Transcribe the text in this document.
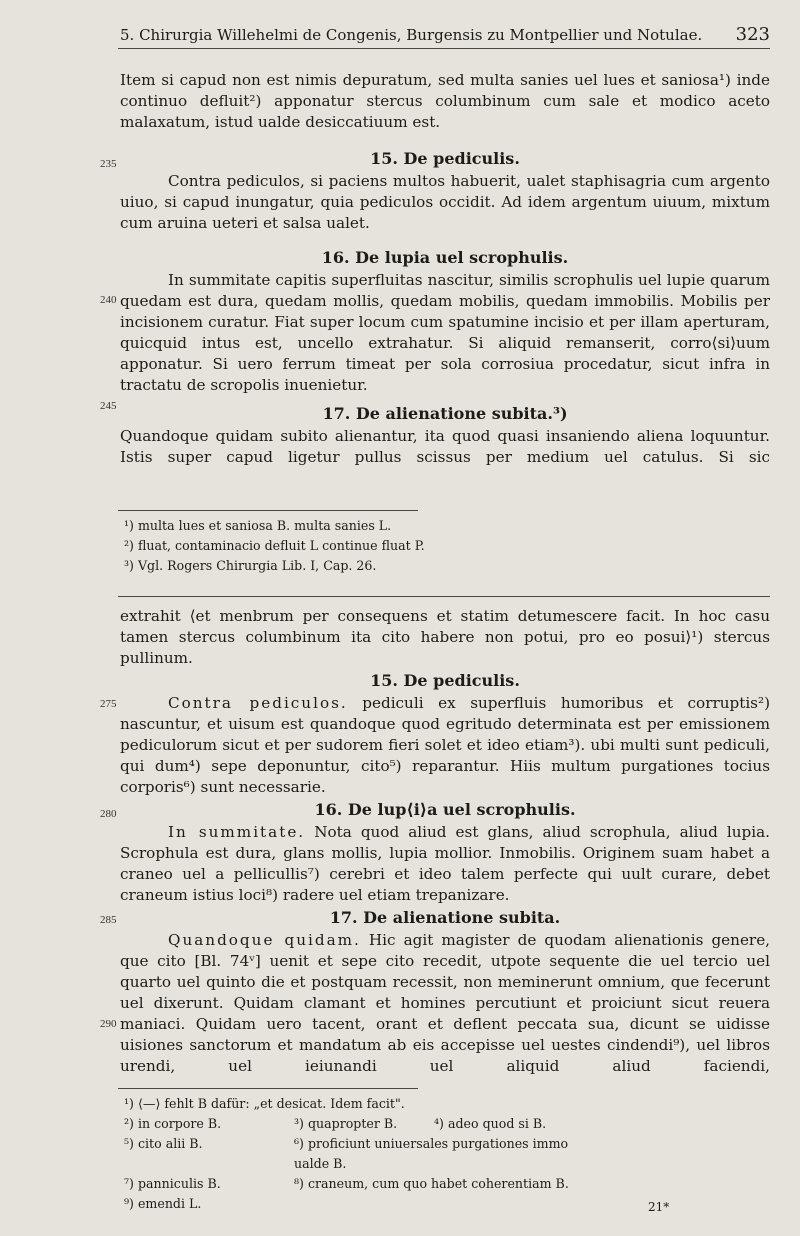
5. Chirurgia Willehelmi de Congenis, Burgensis zu Montpellier und Notulae. 323

Item si capud non est nimis depuratum, sed multa sanies uel lues et saniosa¹) inde continuo defluit²) apponatur stercus columbinum cum sale et modico aceto malaxatum, istud ualde desiccatiuum est.

15. De pediculis.

Contra pediculos, si paciens multos habuerit, ualet staphisagria cum argento uiuo, si capud inungatur, quia pediculos occidit. Ad idem argentum uiuum, mixtum cum aruina ueteri et salsa ualet.

16. De lupia uel scrophulis.

In summitate capitis superfluitas nascitur, similis scrophulis uel lupie quarum quedam est dura, quedam mollis, quedam mobilis, quedam immobilis. Mobilis per incisionem curatur. Fiat super locum cum spatumine incisio et per illam aperturam, quicquid intus est, uncello extrahatur. Si aliquid remanserit, corro⟨si⟩uum apponatur. Si uero ferrum timeat per sola corrosiua procedatur, sicut infra in tractatu de scropolis inuenietur.

17. De alienatione subita.³)

Quandoque quidam subito alienantur, ita quod quasi insaniendo aliena loquuntur. Istis super capud ligetur pullus scissus per medium uel catulus. Si sic

235
240
245

¹) multa lues et saniosa B. multa sanies L.

²) fluat, contaminacio defluit L continue fluat P.

³) Vgl. Rogers Chirurgia Lib. I, Cap. 26.

extrahit ⟨et menbrum per consequens et statim detumescere facit. In hoc casu tamen stercus columbinum ita cito habere non potui, pro eo posui⟩¹) stercus pullinum.

15. De pediculis.

Contra pediculos. pediculi ex superfluis humoribus et corruptis²) nascuntur, et uisum est quandoque quod egritudo determinata est per emissionem pediculorum sicut et per sudorem fieri solet et ideo etiam³). ubi multi sunt pediculi, qui dum⁴) sepe deponuntur, cito⁵) reparantur. Hiis multum purgationes tocius corporis⁶) sunt necessarie.

16. De lup⟨i⟩a uel scrophulis.

In summitate. Nota quod aliud est glans, aliud scrophula, aliud lupia. Scrophula est dura, glans mollis, lupia mollior. Inmobilis. Originem suam habet a craneo uel a pellicullis⁷) cerebri et ideo talem perfecte qui uult curare, debet craneum istius loci⁸) radere uel etiam trepanizare.

17. De alienatione subita.

Quandoque quidam. Hic agit magister de quodam alienationis genere, que cito [Bl. 74ᵛ] uenit et sepe cito recedit, utpote sequente die uel tercio uel quarto uel quinto die et postquam recessit, non meminerunt omnium, que fecerunt uel dixerunt. Quidam clamant et homines percutiunt et proiciunt sicut reuera maniaci. Quidam uero tacent, orant et deflent peccata sua, dicunt se uidisse uisiones sanctorum et mandatum ab eis accepisse uel uestes cindendi⁹), uel libros urendi, uel ieiunandi uel aliquid aliud faciendi,

275
280
285
290

¹) ⟨—⟩ fehlt B dafür: „et desicat. Idem facit".

²) in corpore B.	³) quapropter B.	⁴) adeo quod si B.
⁵) cito alii B.	⁶) proficiunt uniuersales purgationes immo ualde B.
⁷) panniculis B.	⁸) craneum, cum quo habet coherentiam B.
⁹) emendi L.	21*
